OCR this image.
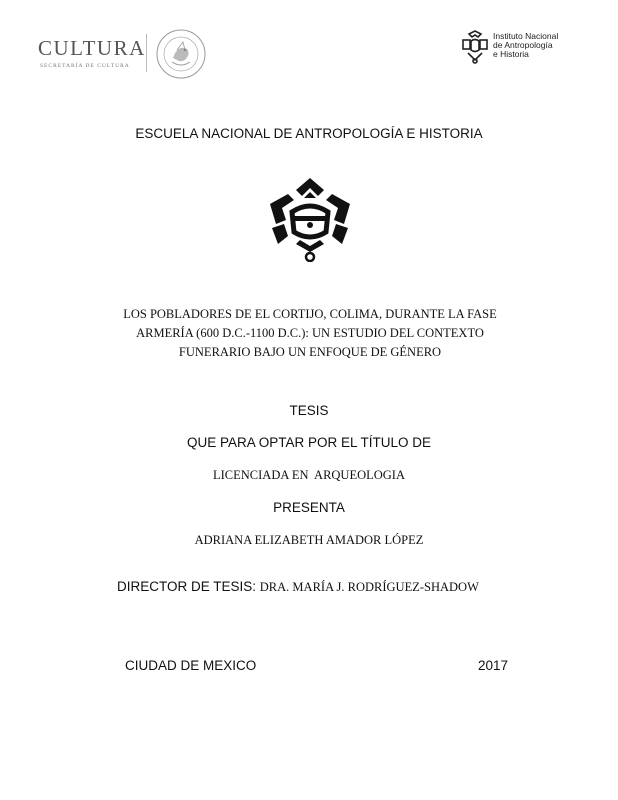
CULTURA
SECRETARÍA DE CULTURA
Instituto Nacional
de Antropología
e Historia
ESCUELA NACIONAL DE ANTROPOLOGÍA E HISTORIA
LOS POBLADORES DE EL CORTIJO, COLIMA, DURANTE LA FASE
ARMERÍA (600 D.C.-1100 D.C.): UN ESTUDIO DEL CONTEXTO
FUNERARIO BAJO UN ENFOQUE DE GÉNERO
TESIS
QUE PARA OPTAR POR EL TÍTULO DE
LICENCIADA EN  ARQUEOLOGIA
PRESENTA
ADRIANA ELIZABETH AMADOR LÓPEZ
DIRECTOR DE TESIS: DRA. MARÍA J. RODRÍGUEZ-SHADOW
CIUDAD DE MEXICO	2017
